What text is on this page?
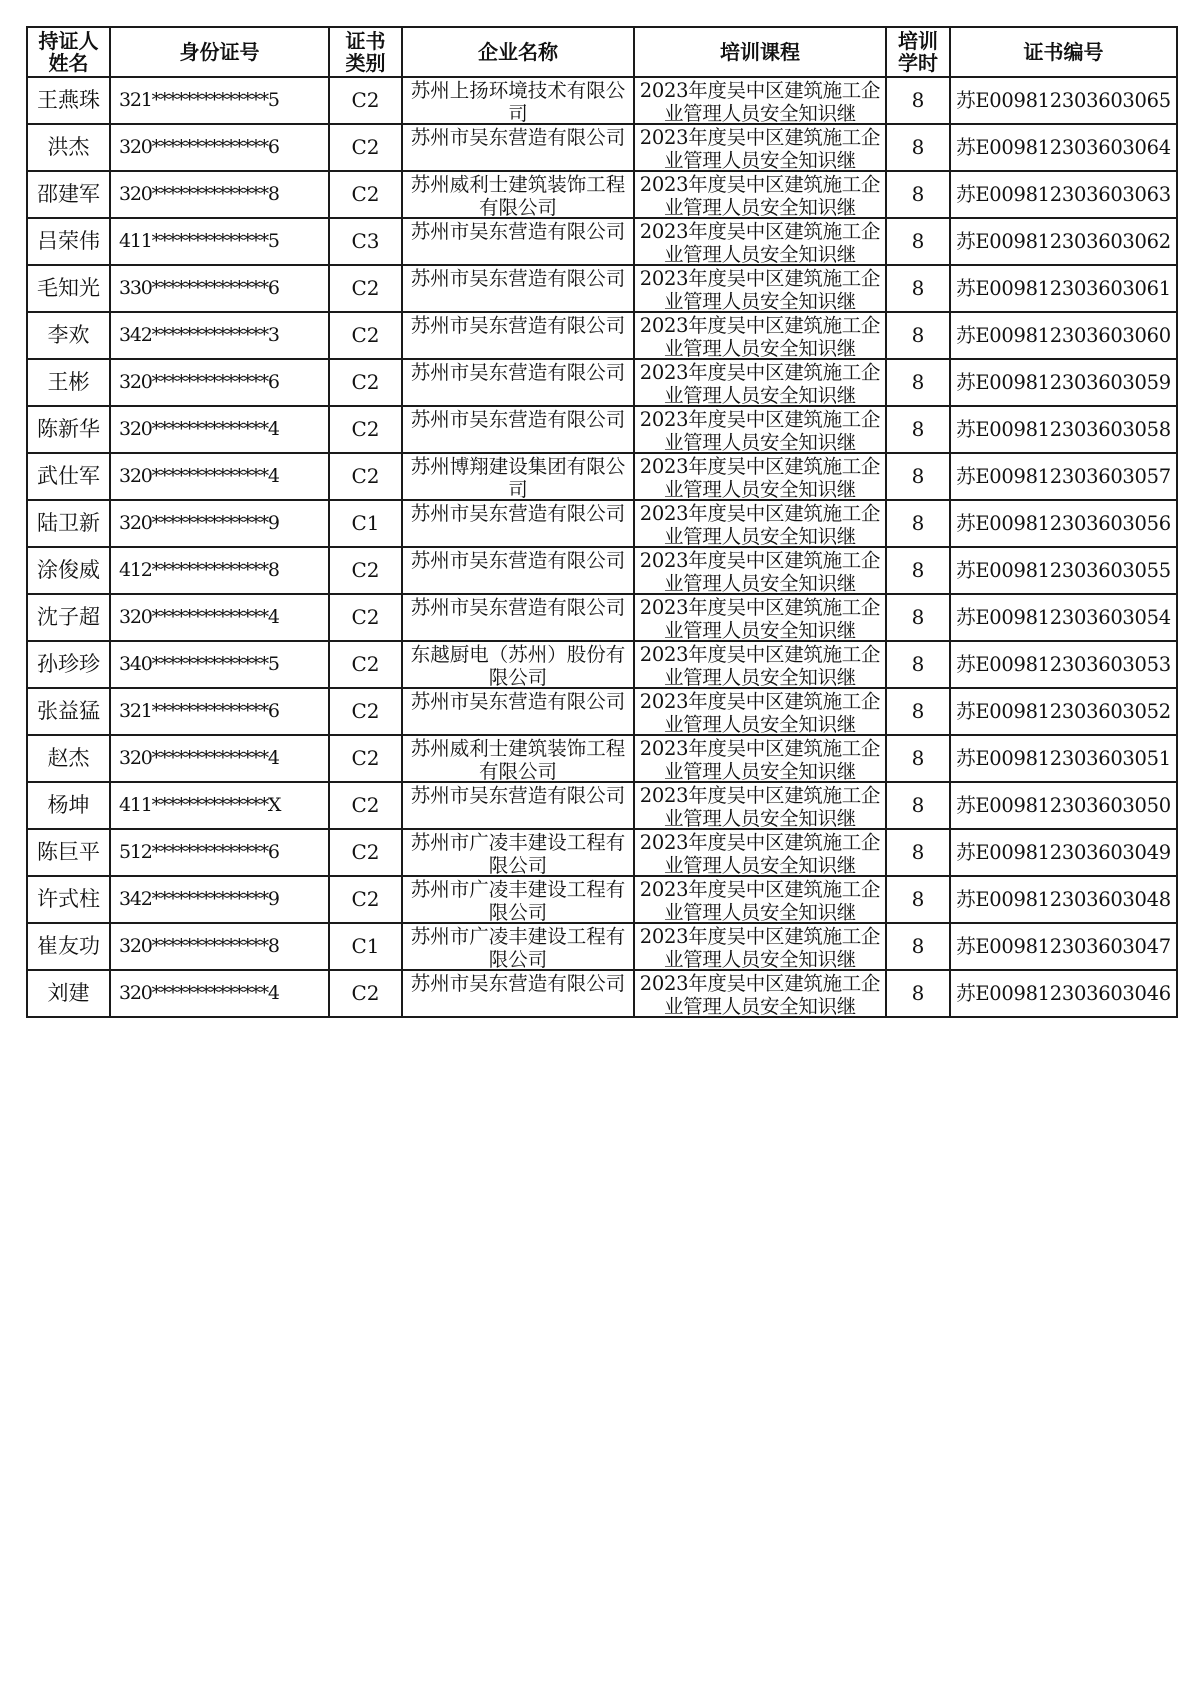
持证人姓名	身份证号	证书类别	企业名称	培训课程	培训学时	证书编号
王燕珠	321**************5	C2	苏州上扬环境技术有限公司	2023年度吴中区建筑施工企业管理人员安全知识继	8	苏E009812303603065
洪杰	320**************6	C2	苏州市吴东营造有限公司	2023年度吴中区建筑施工企业管理人员安全知识继	8	苏E009812303603064
邵建军	320**************8	C2	苏州威利士建筑装饰工程有限公司	2023年度吴中区建筑施工企业管理人员安全知识继	8	苏E009812303603063
吕荣伟	411**************5	C3	苏州市吴东营造有限公司	2023年度吴中区建筑施工企业管理人员安全知识继	8	苏E009812303603062
毛知光	330**************6	C2	苏州市吴东营造有限公司	2023年度吴中区建筑施工企业管理人员安全知识继	8	苏E009812303603061
李欢	342**************3	C2	苏州市吴东营造有限公司	2023年度吴中区建筑施工企业管理人员安全知识继	8	苏E009812303603060
王彬	320**************6	C2	苏州市吴东营造有限公司	2023年度吴中区建筑施工企业管理人员安全知识继	8	苏E009812303603059
陈新华	320**************4	C2	苏州市吴东营造有限公司	2023年度吴中区建筑施工企业管理人员安全知识继	8	苏E009812303603058
武仕军	320**************4	C2	苏州博翔建设集团有限公司	2023年度吴中区建筑施工企业管理人员安全知识继	8	苏E009812303603057
陆卫新	320**************9	C1	苏州市吴东营造有限公司	2023年度吴中区建筑施工企业管理人员安全知识继	8	苏E009812303603056
涂俊威	412**************8	C2	苏州市吴东营造有限公司	2023年度吴中区建筑施工企业管理人员安全知识继	8	苏E009812303603055
沈子超	320**************4	C2	苏州市吴东营造有限公司	2023年度吴中区建筑施工企业管理人员安全知识继	8	苏E009812303603054
孙珍珍	340**************5	C2	东越厨电（苏州）股份有限公司	2023年度吴中区建筑施工企业管理人员安全知识继	8	苏E009812303603053
张益猛	321**************6	C2	苏州市吴东营造有限公司	2023年度吴中区建筑施工企业管理人员安全知识继	8	苏E009812303603052
赵杰	320**************4	C2	苏州威利士建筑装饰工程有限公司	2023年度吴中区建筑施工企业管理人员安全知识继	8	苏E009812303603051
杨坤	411**************X	C2	苏州市吴东营造有限公司	2023年度吴中区建筑施工企业管理人员安全知识继	8	苏E009812303603050
陈巨平	512**************6	C2	苏州市广凌丰建设工程有限公司	2023年度吴中区建筑施工企业管理人员安全知识继	8	苏E009812303603049
许式柱	342**************9	C2	苏州市广凌丰建设工程有限公司	2023年度吴中区建筑施工企业管理人员安全知识继	8	苏E009812303603048
崔友功	320**************8	C1	苏州市广凌丰建设工程有限公司	2023年度吴中区建筑施工企业管理人员安全知识继	8	苏E009812303603047
刘建	320**************4	C2	苏州市吴东营造有限公司	2023年度吴中区建筑施工企业管理人员安全知识继	8	苏E009812303603046
